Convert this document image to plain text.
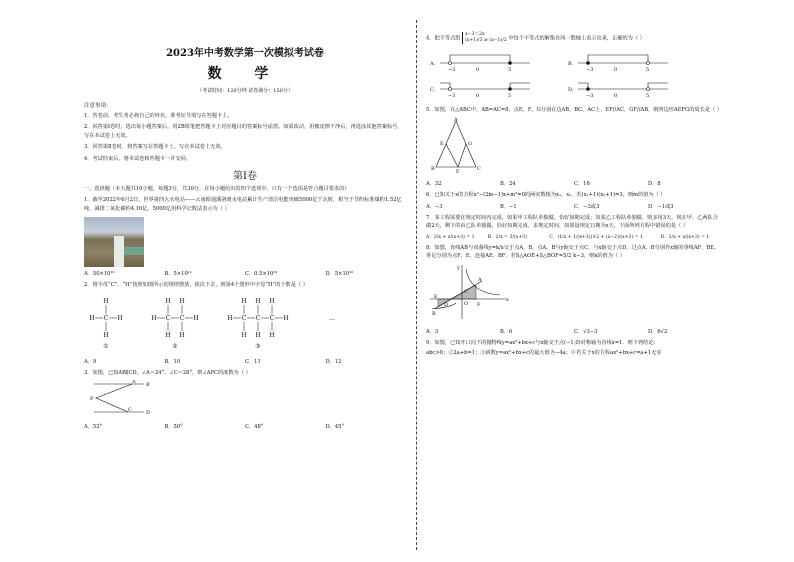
2023年中考数学第一次模拟考试卷
数 学
（考试时间：120分钟 试卷满分：150分）
注意事项：
1．答卷前，考生务必将自己的姓名、准考证号填写在答题卡上。
2．回答第Ⅰ卷时，选出每小题答案后，用2B铅笔把答题卡上对应题目的答案标号涂黑。如需改动，用橡皮擦干净后，再选涂其他答案标号。写在本试卷上无效。
3．回答第Ⅱ卷时，将答案写在答题卡上。写在本试卷上无效。
4．考试结束后，将本试卷和答题卡一并交回。
第Ⅰ卷
一、选择题（本大题共10小题，每题3分，共30分。在每小题给出的四个选项中，只有一个选项是符合题目要求的）
1．截至2022年6月2日，世界第四大水电站——云南昭通溪洛渡水电站累计生产清洁电能突破5000亿千瓦时，相当于节约标准煤约1.52亿吨，减排二氧化碳约4.16亿。5000亿用科学记数法表示为（ ）
A．50×10¹⁰	B．5×10¹¹	C．0.5×10¹²	D．5×10¹⁰
2．将字母“C”，“H”按照如图所示的规律摆放，依次下去，则第4个图形中字母“H”的个数是（ ）
H
H C H
H
H H
H C C H
H H
H H H
H C C C H
H H H
①	②	③
…
A．9	B．10	C．11	D．12
3．如图，已知AB∥CD，∠A＝24°，∠C＝28°，则∠APC的度数为（ ）
P
A B
C	D
A．52°	B．50°	C．48°	D．45°
4．把不等式组 x−3＜2x
(x+1)/3 ≥ (x−1)/2 中每个不等式的解集在同一数轴上表示出来，正确的为（ ）
A．
−3	0	5
B．
−3	0	5
C．
−3	0	5
D．
−3	0	5
5．如图，在△ABC中，AB=AC=8，点E，F，G分别在边AB，BC，AC上，EF//AC，GF//AB，则四边形AEFG的周长是（ ）
A
B	C
E
F
G
A．32	B．24	C．16	D．8
6．已知关于x的方程x²−(2m−1)x+m²=0的两实数根为x₁，x₂，若(x₁+1)(x₂+1)=3，则m的值为（ ）
A．−3	B．−1	C．−3或3	D．−1或3
7．某工程需要在规定时间内完成，如果甲工程队单独做，恰好如期完成；如果乙工程队单独做，则多用3天，现在甲、乙两队合做2天，剩下的由乙队单独做，恰好如期完成，求规定时间，如果设规定日期为x天，下面所列方程中错误的是（ ）
A．2/x + x/(x+3) = 1	B．2/x = 3/(x+3)	C．(1/x + 1/(x+3))×2 + (x−2)/(x+3) = 1	D．1/x + x/(x+3) = 1
8．如图，直线AB与双曲线y=k/x交于点A，B，点A，B与y轴交于点C，与x轴交于点D，过点A，B分别作x轴的垂线AF，BE，垂足分别为点F，E，连接AE，BF，若S△AOE+S△BOF=5/2 k−3，则k的值为（ ）
y
x
O
A
B
C
D
E
F
A．3	B．6	C．√3−3	D．6√2
9．如图，已知开口向下的抛物线y=ax²+bx+c与x轴交于点(−1,0)对称轴为直线x=1．则下列结论：
abc>0；②2a+b=1；③函数y=ax²+bx+c的最大值为−4a；④若关于x的方程ax²+bx+c=a+1无实
